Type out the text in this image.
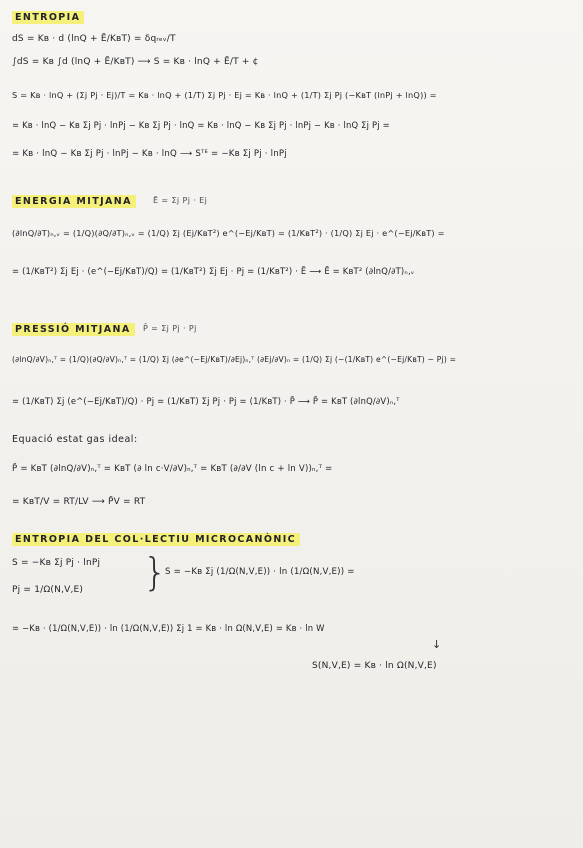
ENTROPIA
dS = Kʙ · d (lnQ + Ē/KʙT) = δqᵣₑᵥ/T
∫dS = Kʙ ∫d (lnQ + Ē/KʙT) ⟶ S = Kʙ · lnQ + Ē/T + ¢
S = Kʙ · lnQ + (Σj Pj · Ej)/T = Kʙ · lnQ + (1/T) Σj Pj · Ej = Kʙ · lnQ + (1/T) Σj Pj (−KʙT (lnPj + lnQ)) =
= Kʙ · lnQ − Kʙ Σj Pj · lnPj − Kʙ Σj Pj · lnQ = Kʙ · lnQ − Kʙ Σj Pj · lnPj − Kʙ · lnQ Σj Pj =
= Kʙ · lnQ − Kʙ Σj Pj · lnPj − Kʙ · lnQ ⟶ Sᵀᴱ = −Kʙ Σj Pj · lnPj
ENERGIA MITJANA	Ē = Σj Pj · Ej
(∂lnQ/∂T)ₙ,ᵥ = (1/Q)(∂Q/∂T)ₙ,ᵥ = (1/Q) Σj (Ej/KʙT²) e^(−Ej/KʙT) = (1/KʙT²) · (1/Q) Σj Ej · e^(−Ej/KʙT) =
= (1/KʙT²) Σj Ej · (e^(−Ej/KʙT)/Q) = (1/KʙT²) Σj Ej · Pj = (1/KʙT²) · Ē ⟶ Ē = KʙT² (∂lnQ/∂T)ₙ,ᵥ
PRESSIÓ MITJANA	P̄ = Σj Pj · Pj
(∂lnQ/∂V)ₙ,ᵀ = (1/Q)(∂Q/∂V)ₙ,ᵀ = (1/Q) Σj (∂e^(−Ej/KʙT)/∂Ej)ₙ,ᵀ (∂Ej/∂V)ₙ = (1/Q) Σj (−(1/KʙT) e^(−Ej/KʙT) − Pj) =
= (1/KʙT) Σj (e^(−Ej/KʙT)/Q) · Pj = (1/KʙT) Σj Pj · Pj = (1/KʙT) · P̄ ⟶ P̄ = KʙT (∂lnQ/∂V)ₙ,ᵀ
Equació estat gas ideal:
P̄ = KʙT (∂lnQ/∂V)ₙ,ᵀ = KʙT (∂ ln c·V/∂V)ₙ,ᵀ = KʙT (∂/∂V (ln c + ln V))ₙ,ᵀ =
= KʙT/V = RT/LV ⟶ P̄V = RT
ENTROPIA DEL COL·LECTIU MICROCANÒNIC
S = −Kʙ Σj Pj · lnPj
Pj = 1/Ω(N,V,E) }
S = −Kʙ Σj (1/Ω(N,V,E)) · ln (1/Ω(N,V,E)) =
= −Kʙ · (1/Ω(N,V,E)) · ln (1/Ω(N,V,E)) Σj 1 = Kʙ · ln Ω(N,V,E) = Kʙ · ln W
↓
S(N,V,E) = Kʙ · ln Ω(N,V,E)
